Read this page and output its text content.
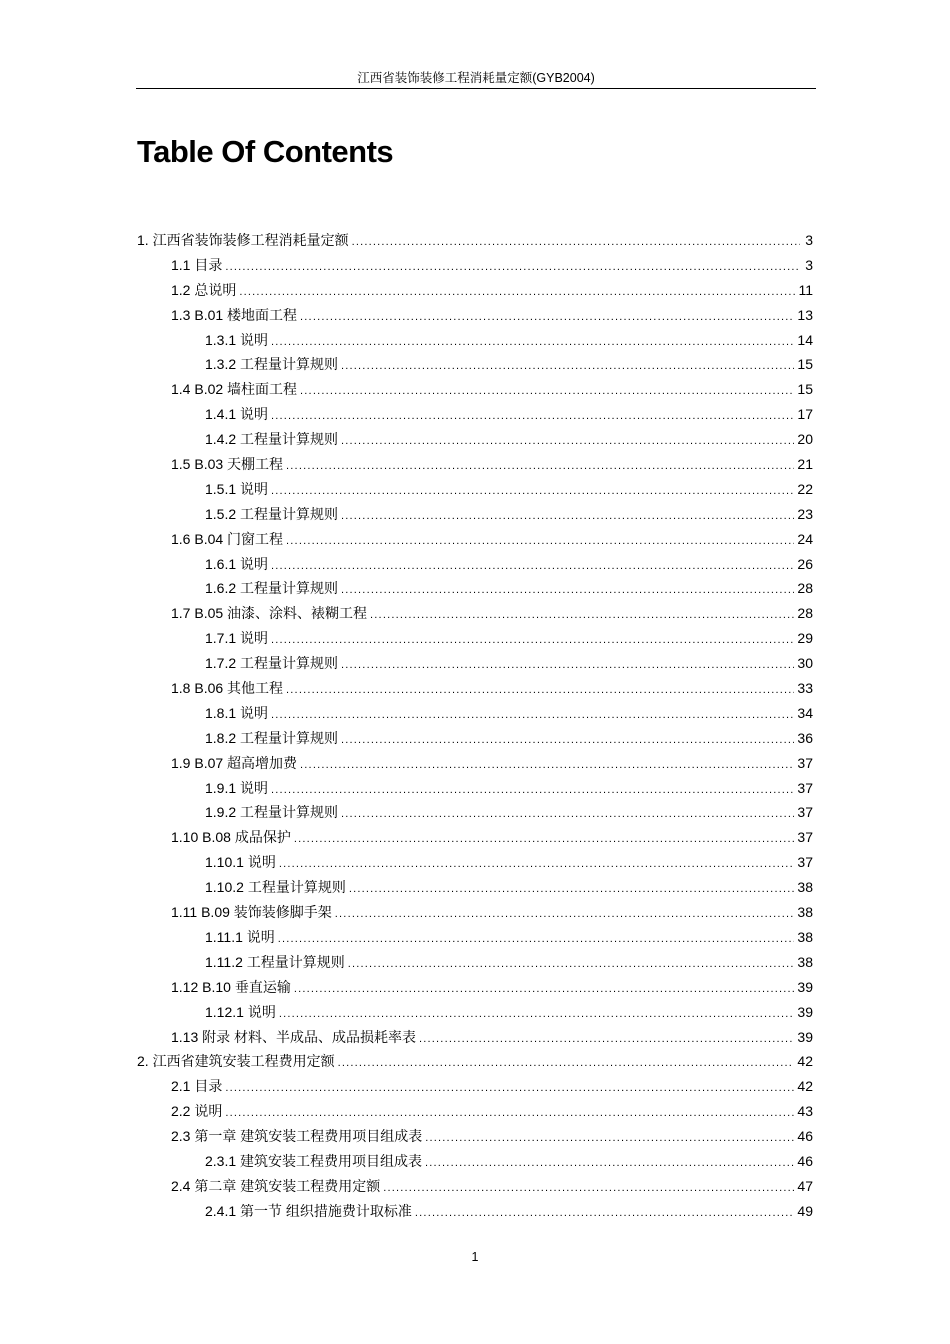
江西省装饰装修工程消耗量定额(GYB2004)
Table Of Contents
1. 江西省装饰装修工程消耗量定额 .....	3
1.1 目录 .....	3
1.2 总说明 .....	11
1.3 B.01 楼地面工程 .....	13
1.3.1 说明 .....	14
1.3.2 工程量计算规则 .....	15
1.4 B.02 墙柱面工程 .....	15
1.4.1 说明 .....	17
1.4.2 工程量计算规则 .....	20
1.5 B.03 天棚工程 .....	21
1.5.1 说明 .....	22
1.5.2 工程量计算规则 .....	23
1.6 B.04 门窗工程 .....	24
1.6.1 说明 .....	26
1.6.2 工程量计算规则 .....	28
1.7 B.05 油漆、涂料、裱糊工程 .....	28
1.7.1 说明 .....	29
1.7.2 工程量计算规则 .....	30
1.8 B.06 其他工程 .....	33
1.8.1 说明 .....	34
1.8.2 工程量计算规则 .....	36
1.9 B.07 超高增加费 .....	37
1.9.1 说明 .....	37
1.9.2 工程量计算规则 .....	37
1.10 B.08 成品保护 .....	37
1.10.1 说明 .....	37
1.10.2 工程量计算规则 .....	38
1.11 B.09 装饰装修脚手架 .....	38
1.11.1 说明 .....	38
1.11.2 工程量计算规则 .....	38
1.12 B.10 垂直运输 .....	39
1.12.1 说明 .....	39
1.13 附录 材料、半成品、成品损耗率表 .....	39
2. 江西省建筑安装工程费用定额 .....	42
2.1 目录 .....	42
2.2 说明 .....	43
2.3 第一章 建筑安装工程费用项目组成表 .....	46
2.3.1 建筑安装工程费用项目组成表 .....	46
2.4 第二章 建筑安装工程费用定额 .....	47
2.4.1 第一节 组织措施费计取标准 .....	49
1
